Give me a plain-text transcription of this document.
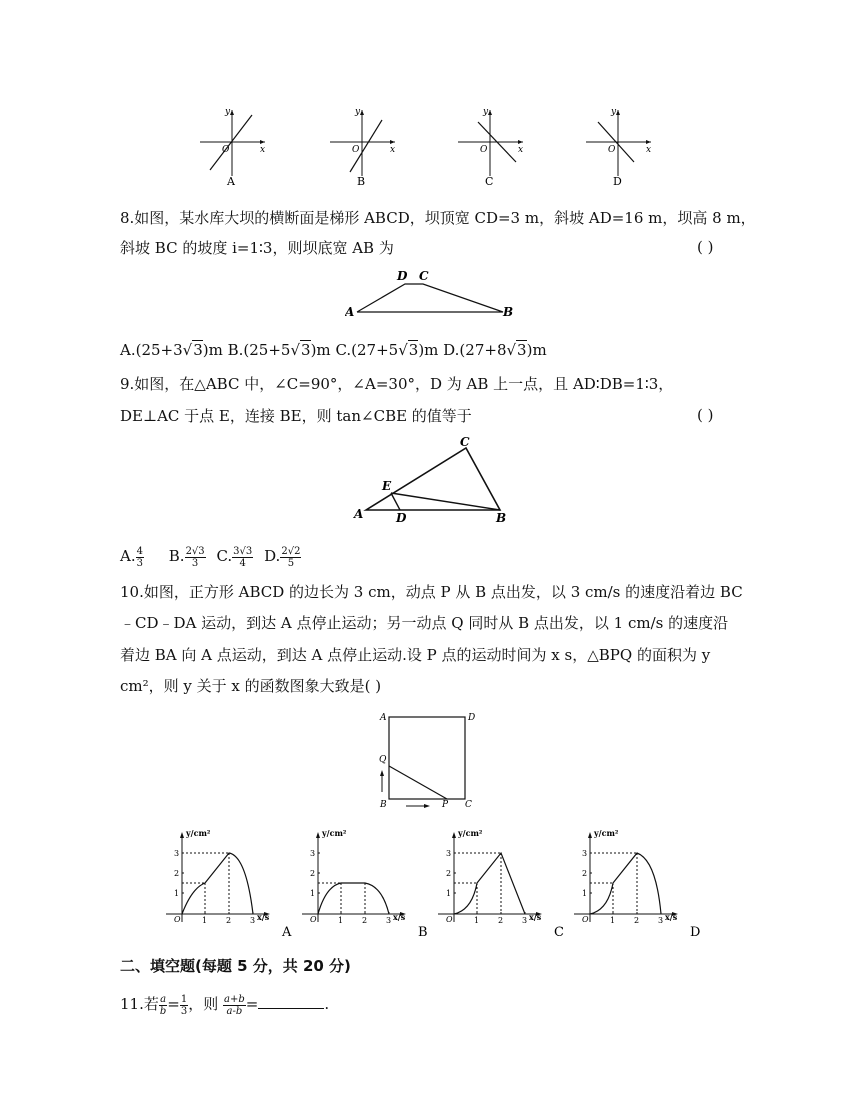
y
x
O
A
y
x
O
B
y
x
O
C
y
x
O
D
8.如图，某水库大坝的横断面是梯形 ABCD，坝顶宽 CD=3 m，斜坡 AD=16 m，坝高 8 m，
斜坡 BC 的坡度 i=1∶3，则坝底宽 AB 为	( )
A	B
D C
A.(25+3√3)m B.(25+5√3)m C.(27+5√3)m D.(27+8√3)m
9.如图，在△ABC 中，∠C=90°，∠A=30°，D 为 AB 上一点，且 AD∶DB=1∶3，
DE⊥AC 于点 E，连接 BE，则 tan∠CBE 的值等于	( )
A	B
C
D
E
A. $\frac{4}{3} B$. $\frac{2√3}{3} C$. $\frac{3√3}{4} D$. $\frac{2√2}{5}$
10.如图，正方形 ABCD 的边长为 3 cm，动点 P 从 B 点出发，以 3 cm/s 的速度沿着边 BC
﹣CD﹣DA 运动，到达 A 点停止运动；另一动点 Q 同时从 B 点出发，以 1 cm/s 的速度沿
着边 BA 向 A 点运动，到达 A 点停止运动.设 P 点的运动时间为 x s，△BPQ 的面积为 y
cm²，则 y 关于 x 的函数图象大致是( )
A	D
B	C
Q
P
y/cm²
x/s
O	1 2 3
1
2
3
A
y/cm²
x/s
O	1 2 3
1
2
3
B
y/cm²
x/s
O	1 2 3
1
2
3
C
y/cm²
x/s
O	1 2 3
1
2
3
D
二、填空题(每题 5 分，共 20 分)
11.若 $\frac{a}{b} = \frac{1}{3}$ ，则 $\frac{a+b}{a-b}$ =	.
